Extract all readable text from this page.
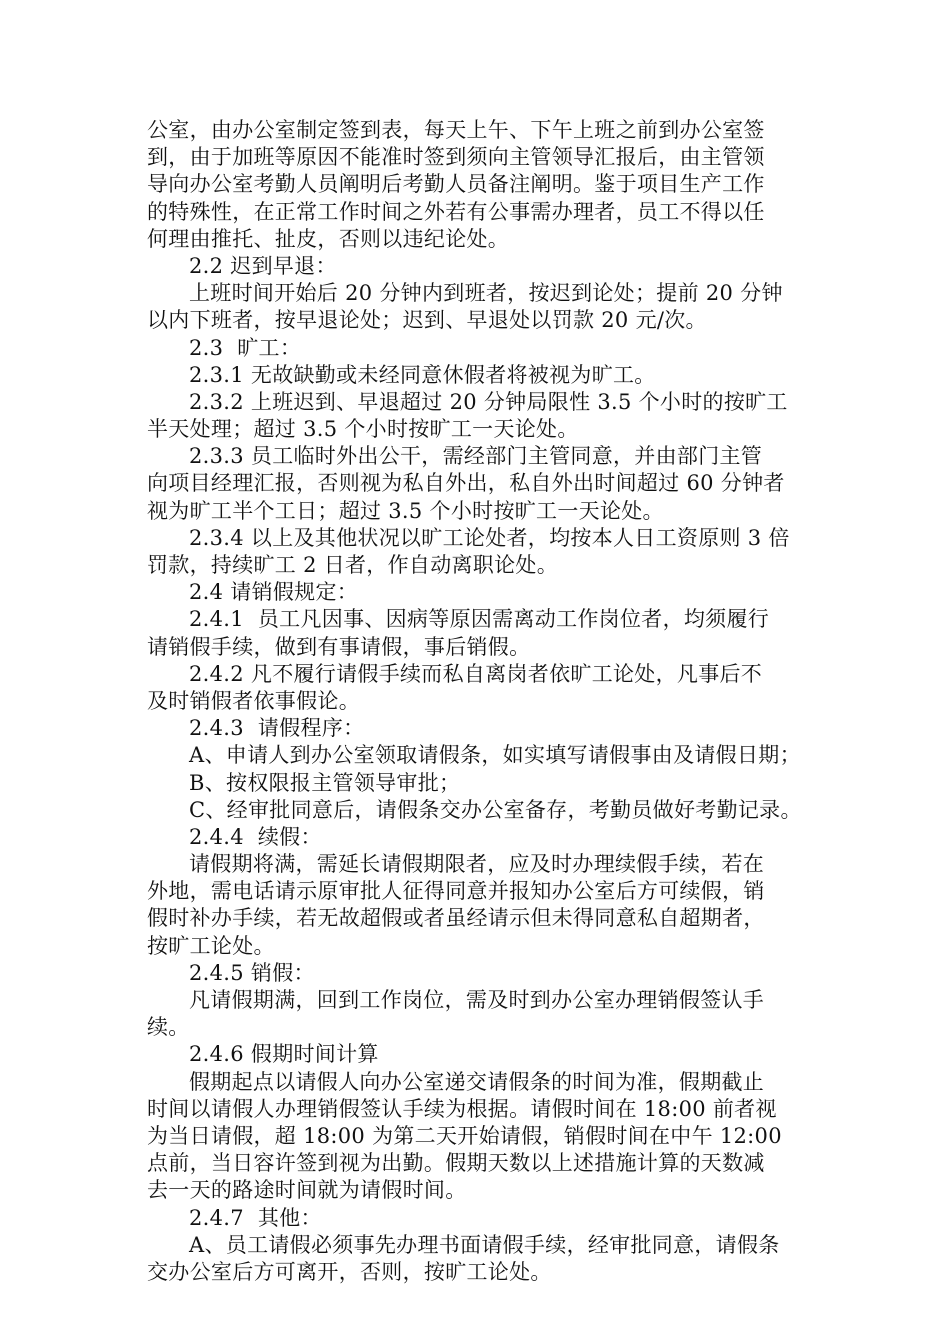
公室，由办公室制定签到表，每天上午、下午上班之前到办公室签
到，由于加班等原因不能准时签到须向主管领导汇报后，由主管领
导向办公室考勤人员阐明后考勤人员备注阐明。鉴于项目生产工作
的特殊性，在正常工作时间之外若有公事需办理者，员工不得以任
何理由推托、扯皮，否则以违纪论处。
2.2 迟到早退：
上班时间开始后 20 分钟内到班者，按迟到论处；提前 20 分钟
以内下班者，按早退论处；迟到、早退处以罚款 20 元/次。
2.3  旷工：
2.3.1 无故缺勤或未经同意休假者将被视为旷工。
2.3.2 上班迟到、早退超过 20 分钟局限性 3.5 个小时的按旷工
半天处理；超过 3.5 个小时按旷工一天论处。
2.3.3 员工临时外出公干，需经部门主管同意，并由部门主管
向项目经理汇报，否则视为私自外出，私自外出时间超过 60 分钟者
视为旷工半个工日；超过 3.5 个小时按旷工一天论处。
2.3.4 以上及其他状况以旷工论处者，均按本人日工资原则 3 倍
罚款，持续旷工 2 日者，作自动离职论处。
2.4 请销假规定：
2.4.1  员工凡因事、因病等原因需离动工作岗位者，均须履行
请销假手续，做到有事请假，事后销假。
2.4.2 凡不履行请假手续而私自离岗者依旷工论处，凡事后不
及时销假者依事假论。
2.4.3  请假程序：
A、申请人到办公室领取请假条，如实填写请假事由及请假日期；
B、按权限报主管领导审批；
C、经审批同意后，请假条交办公室备存，考勤员做好考勤记录。
2.4.4  续假：
请假期将满，需延长请假期限者，应及时办理续假手续，若在
外地，需电话请示原审批人征得同意并报知办公室后方可续假，销
假时补办手续，若无故超假或者虽经请示但未得同意私自超期者，
按旷工论处。
2.4.5 销假：
凡请假期满，回到工作岗位，需及时到办公室办理销假签认手
续。
2.4.6 假期时间计算
假期起点以请假人向办公室递交请假条的时间为准，假期截止
时间以请假人办理销假签认手续为根据。请假时间在 18:00 前者视
为当日请假，超 18:00 为第二天开始请假，销假时间在中午 12:00
点前，当日容许签到视为出勤。假期天数以上述措施计算的天数减
去一天的路途时间就为请假时间。
2.4.7  其他：
A、员工请假必须事先办理书面请假手续，经审批同意，请假条
交办公室后方可离开，否则，按旷工论处。
